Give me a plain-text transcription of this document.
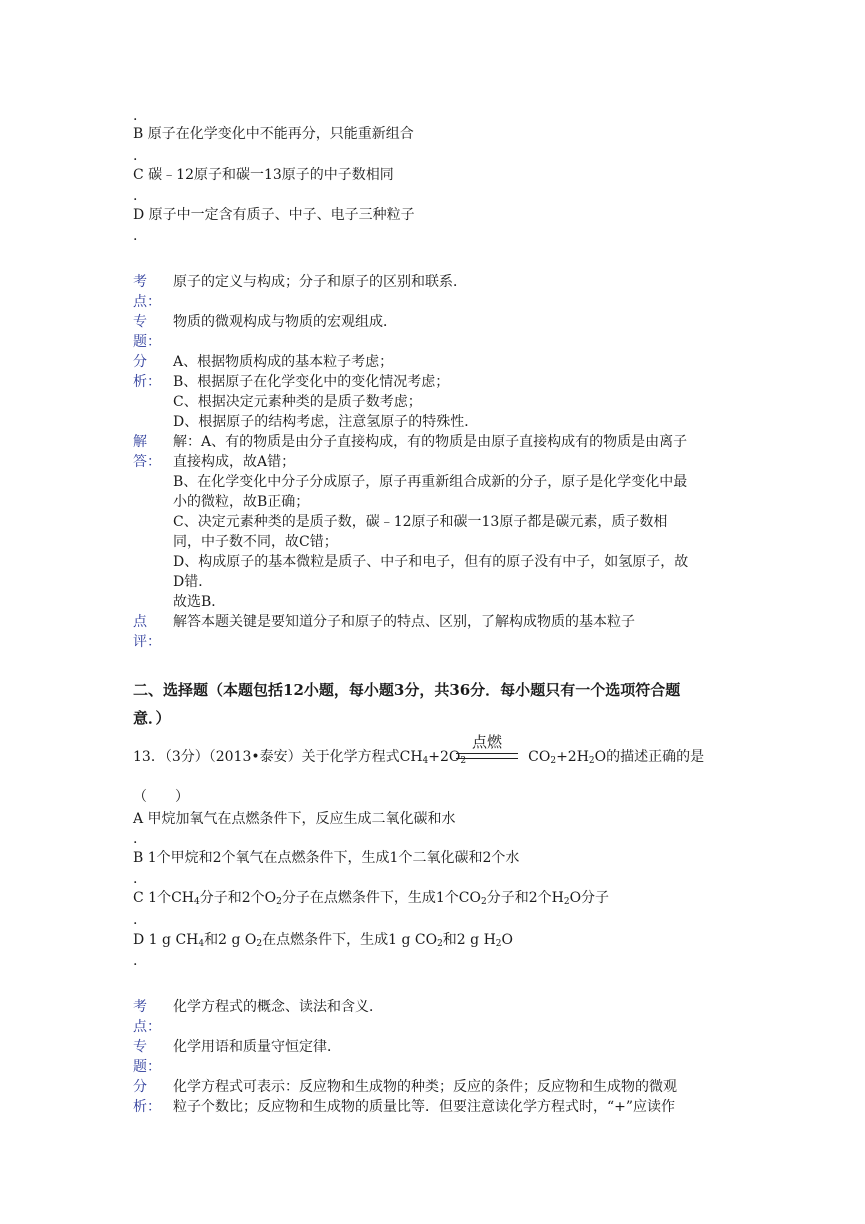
.
B 原子在化学变化中不能再分，只能重新组合
.
C 碳﹣12原子和碳一13原子的中子数相同
.
D 原子中一定含有质子、中子、电子三种粒子
.
考
点：
原子的定义与构成；分子和原子的区别和联系．
专
题：
物质的微观构成与物质的宏观组成．
分
析：
A、根据物质构成的基本粒子考虑；
B、根据原子在化学变化中的变化情况考虑；
C、根据决定元素种类的是质子数考虑；
D、根据原子的结构考虑，注意氢原子的特殊性．
解
答：
解：A、有的物质是由分子直接构成，有的物质是由原子直接构成有的物质是由离子
直接构成，故A错；
B、在化学变化中分子分成原子，原子再重新组合成新的分子，原子是化学变化中最
小的微粒，故B正确；
C、决定元素种类的是质子数，碳﹣12原子和碳一13原子都是碳元素，质子数相
同，中子数不同，故C错；
D、构成原子的基本微粒是质子、中子和电子，但有的原子没有中子，如氢原子，故
D错．
故选B．
点
评：
解答本题关键是要知道分子和原子的特点、区别，了解构成物质的基本粒子
二、选择题（本题包括12小题，每小题3分，共36分．每小题只有一个选项符合题
意．）
13．（3分）（2013•泰安）关于化学方程式$CH_4+2O_2$	$CO_2+2H_2O$的描述正确的是
点燃
（　　）
A 甲烷加氧气在点燃条件下，反应生成二氧化碳和水
.
B 1个甲烷和2个氧气在点燃条件下，生成1个二氧化碳和2个水
.
C 1个$CH_4$分子和2个$O_2$分子在点燃条件下，生成1个$CO_2$分子和2个$H_2O$分子
.
D 1 g $CH_4$和2 g $O_2$在点燃条件下，生成1 g $CO_2$和2 g $H_2O$
.
考
点：
化学方程式的概念、读法和含义．
专
题：
化学用语和质量守恒定律．
分
析：
化学方程式可表示：反应物和生成物的种类；反应的条件；反应物和生成物的微观
粒子个数比；反应物和生成物的质量比等．但要注意读化学方程式时，“+”应读作
